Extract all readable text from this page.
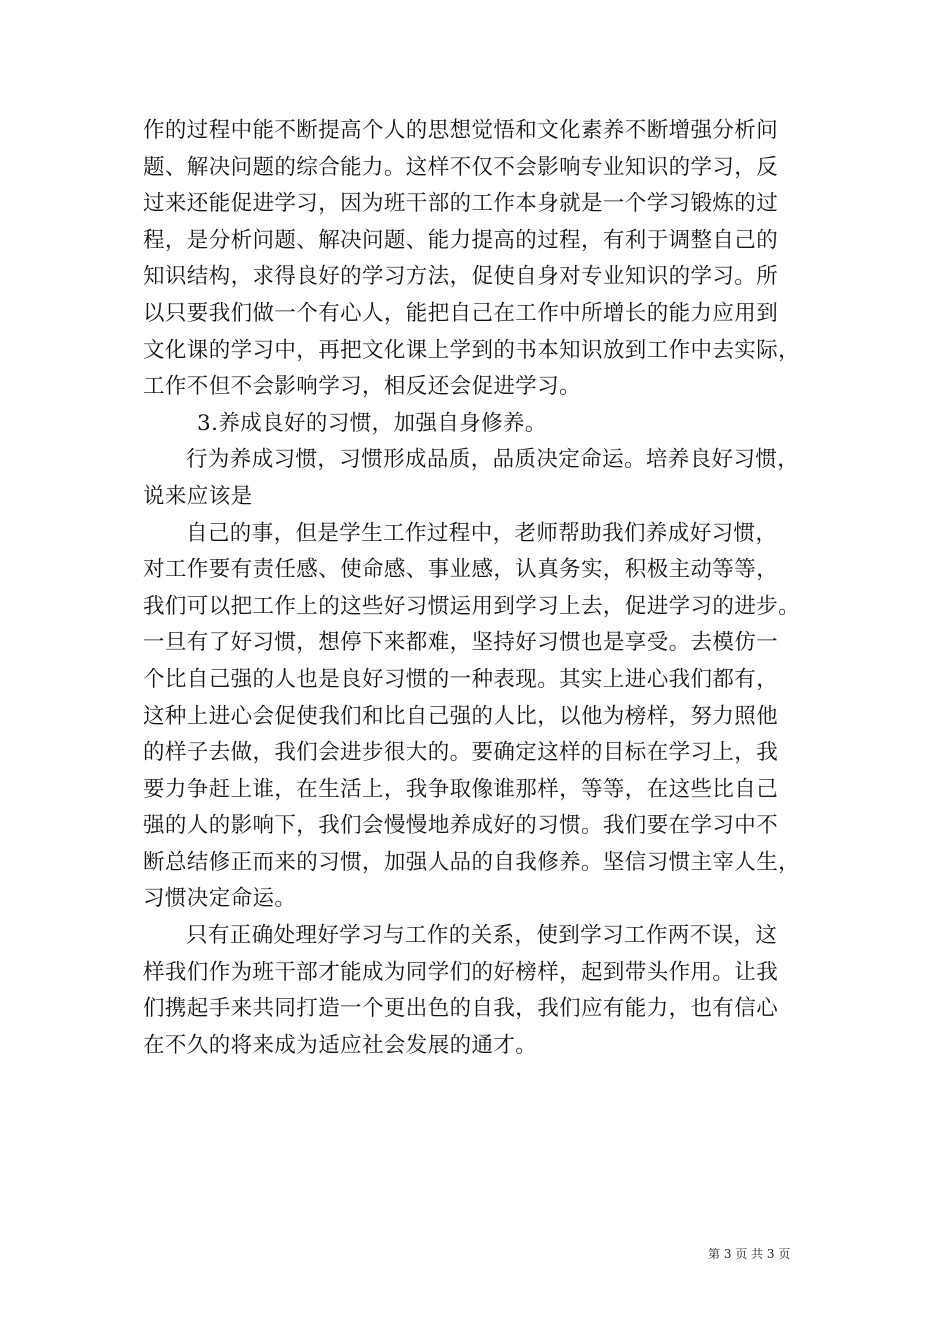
作的过程中能不断提高个人的思想觉悟和文化素养不断增强分析问
题、解决问题的综合能力。这样不仅不会影响专业知识的学习，反
过来还能促进学习，因为班干部的工作本身就是一个学习锻炼的过
程，是分析问题、解决问题、能力提高的过程，有利于调整自己的
知识结构，求得良好的学习方法，促使自身对专业知识的学习。所
以只要我们做一个有心人，能把自己在工作中所增长的能力应用到
文化课的学习中，再把文化课上学到的书本知识放到工作中去实际，
工作不但不会影响学习，相反还会促进学习。
3.养成良好的习惯，加强自身修养。
行为养成习惯，习惯形成品质，品质决定命运。培养良好习惯，
说来应该是
自己的事，但是学生工作过程中，老师帮助我们养成好习惯，
对工作要有责任感、使命感、事业感，认真务实，积极主动等等，
我们可以把工作上的这些好习惯运用到学习上去，促进学习的进步。
一旦有了好习惯，想停下来都难，坚持好习惯也是享受。去模仿一
个比自己强的人也是良好习惯的一种表现。其实上进心我们都有，
这种上进心会促使我们和比自己强的人比，以他为榜样，努力照他
的样子去做，我们会进步很大的。要确定这样的目标在学习上，我
要力争赶上谁，在生活上，我争取像谁那样，等等，在这些比自己
强的人的影响下，我们会慢慢地养成好的习惯。我们要在学习中不
断总结修正而来的习惯，加强人品的自我修养。坚信习惯主宰人生，
习惯决定命运。
只有正确处理好学习与工作的关系，使到学习工作两不误，这
样我们作为班干部才能成为同学们的好榜样，起到带头作用。让我
们携起手来共同打造一个更出色的自我，我们应有能力，也有信心
在不久的将来成为适应社会发展的通才。
第 3 页 共 3 页
